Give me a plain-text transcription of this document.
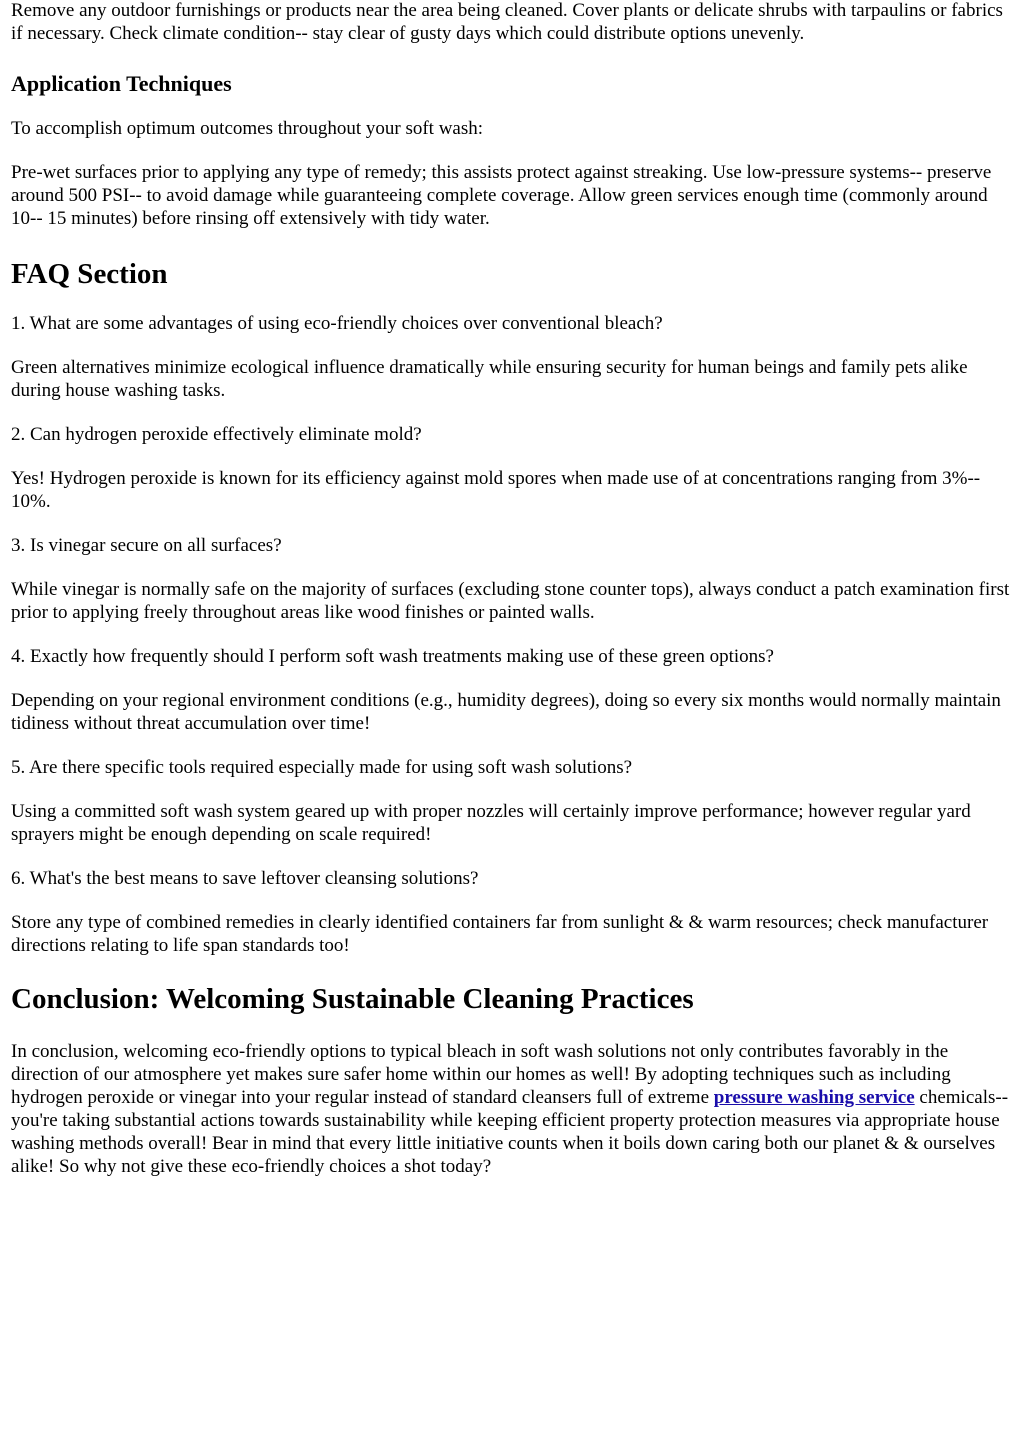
Remove any outdoor furnishings or products near the area being cleaned. Cover plants or delicate shrubs with tarpaulins or fabrics if necessary. Check climate condition-- stay clear of gusty days which could distribute options unevenly.

Application Techniques

To accomplish optimum outcomes throughout your soft wash:

Pre-wet surfaces prior to applying any type of remedy; this assists protect against streaking. Use low-pressure systems-- preserve around 500 PSI-- to avoid damage while guaranteeing complete coverage. Allow green services enough time (commonly around 10-- 15 minutes) before rinsing off extensively with tidy water.

FAQ Section

1. What are some advantages of using eco-friendly choices over conventional bleach?

Green alternatives minimize ecological influence dramatically while ensuring security for human beings and family pets alike during house washing tasks.

2. Can hydrogen peroxide effectively eliminate mold?

Yes! Hydrogen peroxide is known for its efficiency against mold spores when made use of at concentrations ranging from 3%-- 10%.

3. Is vinegar secure on all surfaces?

While vinegar is normally safe on the majority of surfaces (excluding stone counter tops), always conduct a patch examination first prior to applying freely throughout areas like wood finishes or painted walls.

4. Exactly how frequently should I perform soft wash treatments making use of these green options?

Depending on your regional environment conditions (e.g., humidity degrees), doing so every six months would normally maintain tidiness without threat accumulation over time!

5. Are there specific tools required especially made for using soft wash solutions?

Using a committed soft wash system geared up with proper nozzles will certainly improve performance; however regular yard sprayers might be enough depending on scale required!

6. What's the best means to save leftover cleansing solutions?

Store any type of combined remedies in clearly identified containers far from sunlight & & warm resources; check manufacturer directions relating to life span standards too!

Conclusion: Welcoming Sustainable Cleaning Practices

In conclusion, welcoming eco-friendly options to typical bleach in soft wash solutions not only contributes favorably in the direction of our atmosphere yet makes sure safer home within our homes as well! By adopting techniques such as including hydrogen peroxide or vinegar into your regular instead of standard cleansers full of extreme pressure washing service chemicals-- you're taking substantial actions towards sustainability while keeping efficient property protection measures via appropriate house washing methods overall! Bear in mind that every little initiative counts when it boils down caring both our planet & & ourselves alike! So why not give these eco-friendly choices a shot today?
